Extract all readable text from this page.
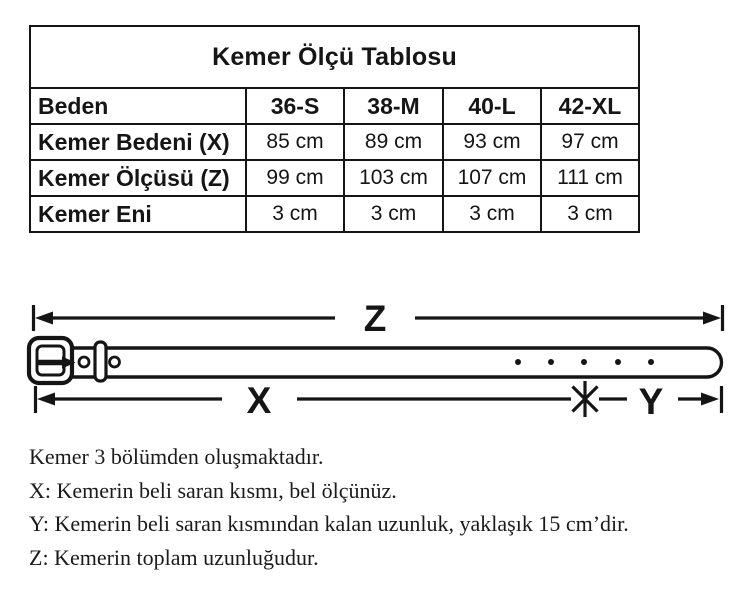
Kemer Ölçü Tablosu				
Beden	36-S	38-M	40-L	42-XL
Kemer Bedeni (X)	85 cm	89 cm	93 cm	97 cm
Kemer Ölçüsü (Z)	99 cm	103 cm	107 cm	111 cm
Kemer Eni	3 cm	3 cm	3 cm	3 cm
Z
X	Y
Kemer 3 bölümden oluşmaktadır.
X: Kemerin beli saran kısmı, bel ölçünüz.
Y: Kemerin beli saran kısmından kalan uzunluk, yaklaşık 15 cm’dir.
Z: Kemerin toplam uzunluğudur.
